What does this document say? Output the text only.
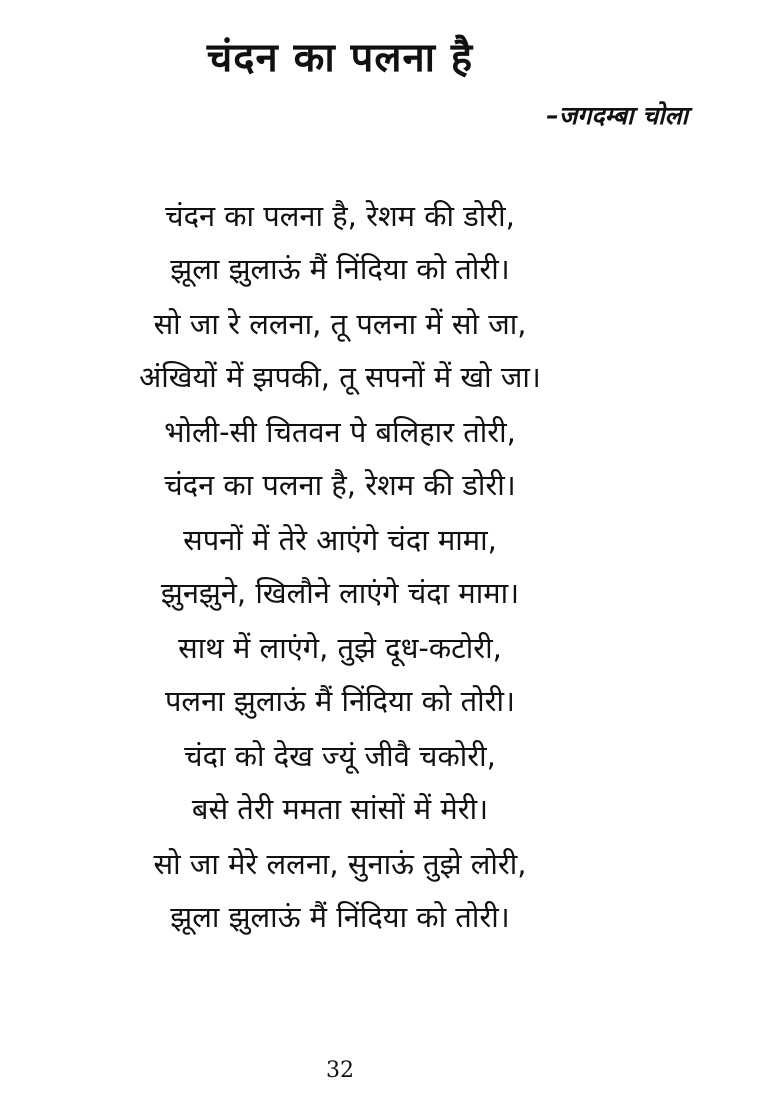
चंदन का पलना है

–जगदम्बा चोला

चंदन का पलना है, रेशम की डोरी,
झूला झुलाऊं मैं निंदिया को तोरी।

सो जा रे ललना, तू पलना में सो जा,
अंखियों में झपकी, तू सपनों में खो जा।

भोली-सी चितवन पे बलिहार तोरी,
चंदन का पलना है, रेशम की डोरी।

सपनों में तेरे आएंगे चंदा मामा,
झुनझुने, खिलौने लाएंगे चंदा मामा।

साथ में लाएंगे, तुझे दूध-कटोरी,
पलना झुलाऊं मैं निंदिया को तोरी।

चंदा को देख ज्यूं जीवै चकोरी,
बसे तेरी ममता सांसों में मेरी।

सो जा मेरे ललना, सुनाऊं तुझे लोरी,
झूला झुलाऊं मैं निंदिया को तोरी।

32
